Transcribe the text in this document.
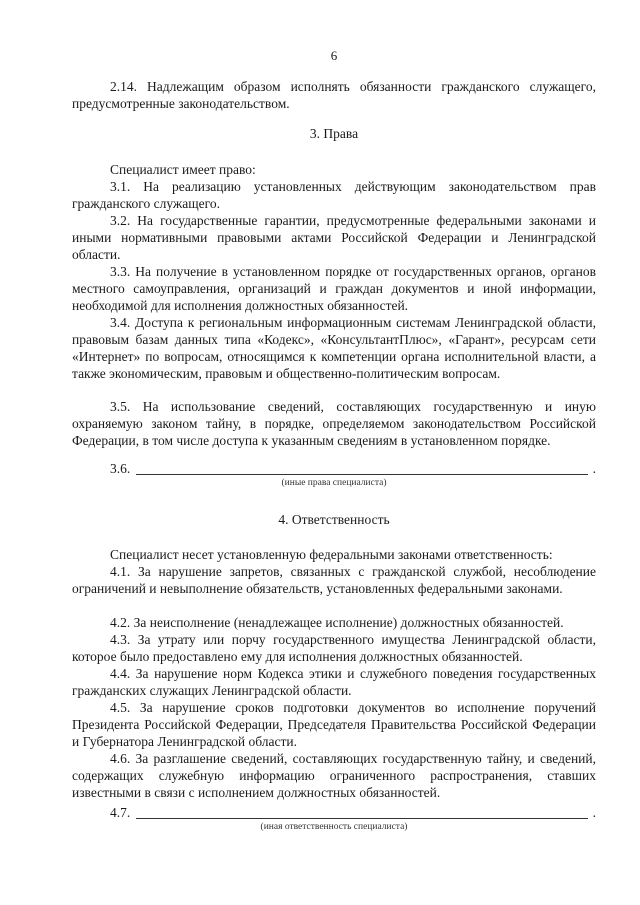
6

2.14. Надлежащим образом исполнять обязанности гражданского служащего, предусмотренные законодательством.

3. Права

Специалист имеет право:

3.1. На реализацию установленных действующим законодательством прав гражданского служащего.

3.2. На государственные гарантии, предусмотренные федеральными законами и иными нормативными правовыми актами Российской Федерации и Ленинградской области.

3.3. На получение в установленном порядке от государственных органов, органов местного самоуправления, организаций и граждан документов и иной информации, необходимой для исполнения должностных обязанностей.

3.4. Доступа к региональным информационным системам Ленинградской области, правовым базам данных типа «Кодекс», «КонсультантПлюс», «Гарант», ресурсам сети «Интернет» по вопросам, относящимся к компетенции органа исполнительной власти, а также экономическим, правовым и общественно-политическим вопросам.

3.5. На использование сведений, составляющих государственную и иную охраняемую законом тайну, в порядке, определяемом законодательством Российской Федерации, в том числе доступа к указанным сведениям в установленном порядке.

3.6.	.
(иные права специалиста)
4. Ответственность

Специалист несет установленную федеральными законами ответственность:

4.1. За нарушение запретов, связанных с гражданской службой, несоблюдение ограничений и невыполнение обязательств, установленных федеральными законами.

4.2. За неисполнение (ненадлежащее исполнение) должностных обязанностей.

4.3. За утрату или порчу государственного имущества Ленинградской области, которое было предоставлено ему для исполнения должностных обязанностей.

4.4. За нарушение норм Кодекса этики и служебного поведения государственных гражданских служащих Ленинградской области.

4.5. За нарушение сроков подготовки документов во исполнение поручений Президента Российской Федерации, Председателя Правительства Российской Федерации и Губернатора Ленинградской области.

4.6. За разглашение сведений, составляющих государственную тайну, и сведений, содержащих служебную информацию ограниченного распространения, ставших известными в связи с исполнением должностных обязанностей.

4.7.	.
(иная ответственность специалиста)
